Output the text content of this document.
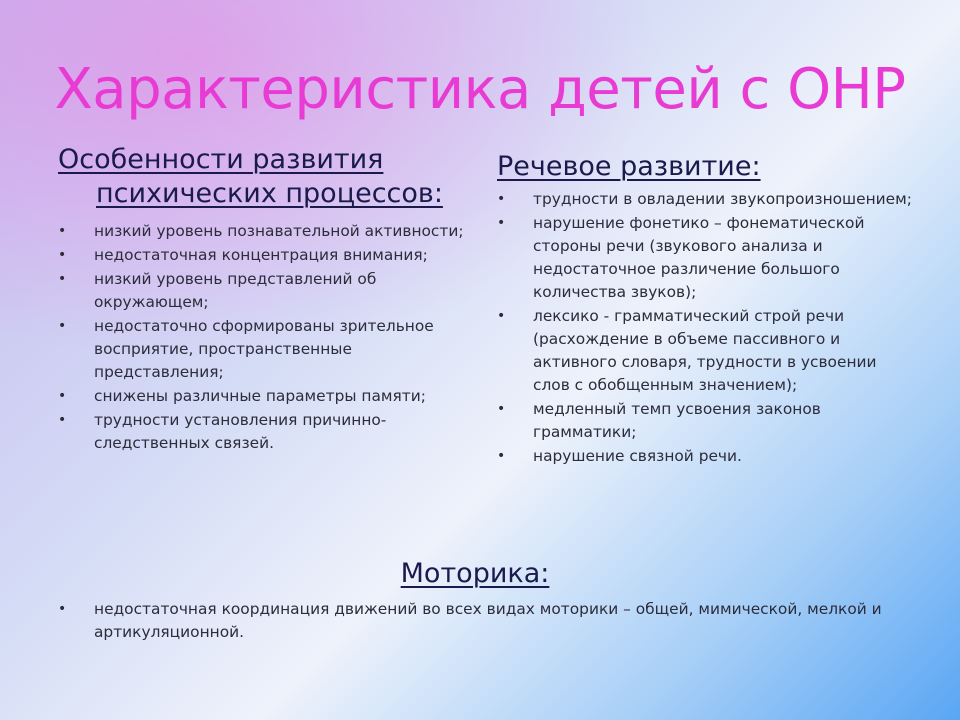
Характеристика детей с ОНР
Особенности развития
психических процессов:
• низкий уровень познавательной активности;
• недостаточная концентрация внимания;
• низкий уровень представлений об окружающем;
• недостаточно сформированы зрительное восприятие, пространственные представления;
• снижены различные параметры памяти;
• трудности установления причинно-следственных связей.
Речевое развитие:
• трудности в овладении звукопроизношением;
• нарушение фонетико – фонематической стороны речи (звукового анализа и недостаточное различение большого количества звуков);
• лексико - грамматический строй речи (расхождение в объеме пассивного и активного словаря, трудности в усвоении слов с обобщенным значением);
• медленный темп усвоения законов грамматики;
• нарушение связной речи.
Моторика:
• недостаточная координация движений во всех видах моторики – общей, мимической, мелкой и артикуляционной.
